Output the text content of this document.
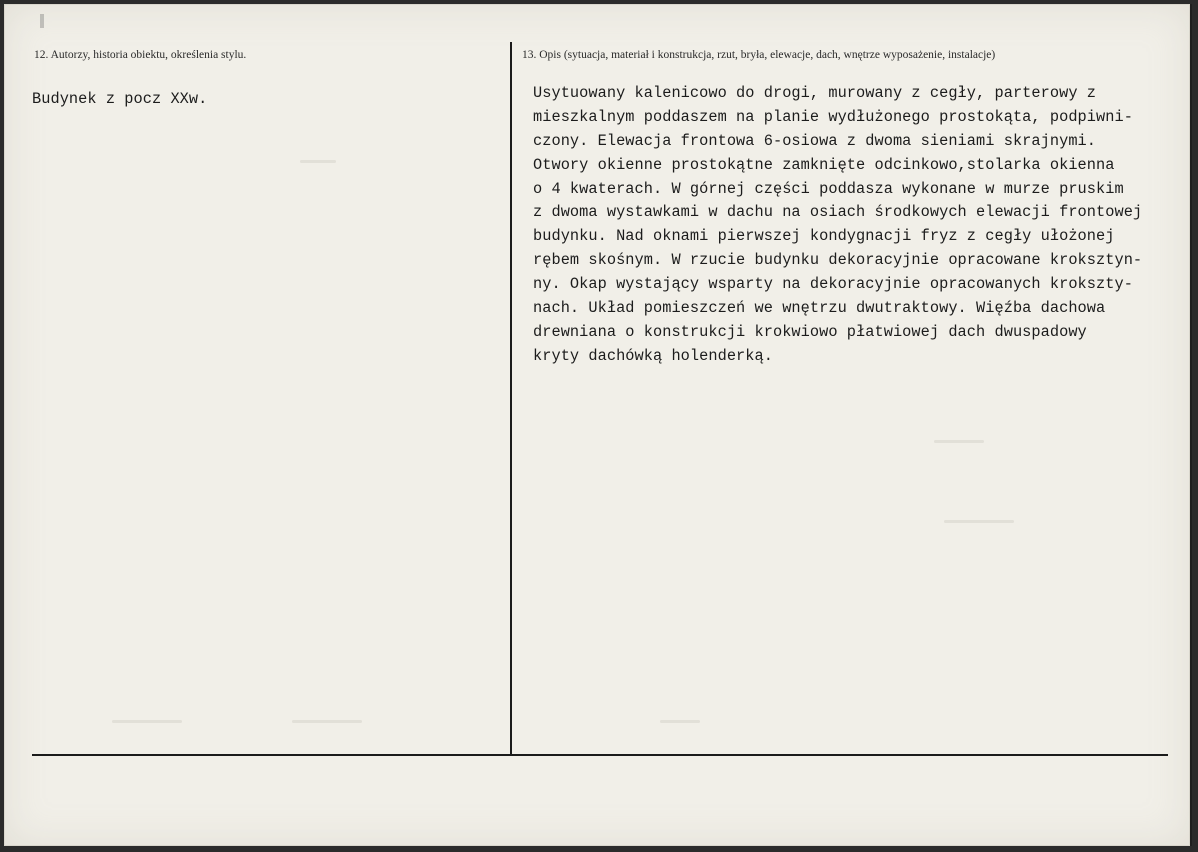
12. Autorzy, historia obiektu, określenia stylu.
Budynek z pocz XXw.
13. Opis (sytuacja, materiał i konstrukcja, rzut, bryła, elewacje, dach, wnętrze wyposażenie, instalacje)
Usytuowany kalenicowo do drogi, murowany z cegły, parterowy z
mieszkalnym poddaszem na planie wydłużonego prostokąta, podpiwni-
czony. Elewacja frontowa 6-osiowa z dwoma sieniami skrajnymi.
Otwory okienne prostokątne zamknięte odcinkowo,stolarka okienna
o 4 kwaterach. W górnej części poddasza wykonane w murze pruskim
z dwoma wystawkami w dachu na osiach środkowych elewacji frontowej
budynku. Nad oknami pierwszej kondygnacji fryz z cegły ułożonej
rębem skośnym. W rzucie budynku dekoracyjnie opracowane kroksztyn-
ny. Okap wystający wsparty na dekoracyjnie opracowanych krokszty-
nach. Układ pomieszczeń we wnętrzu dwutraktowy. Więźba dachowa
drewniana o konstrukcji krokwiowo płatwiowej dach dwuspadowy
kryty dachówką holenderką.
